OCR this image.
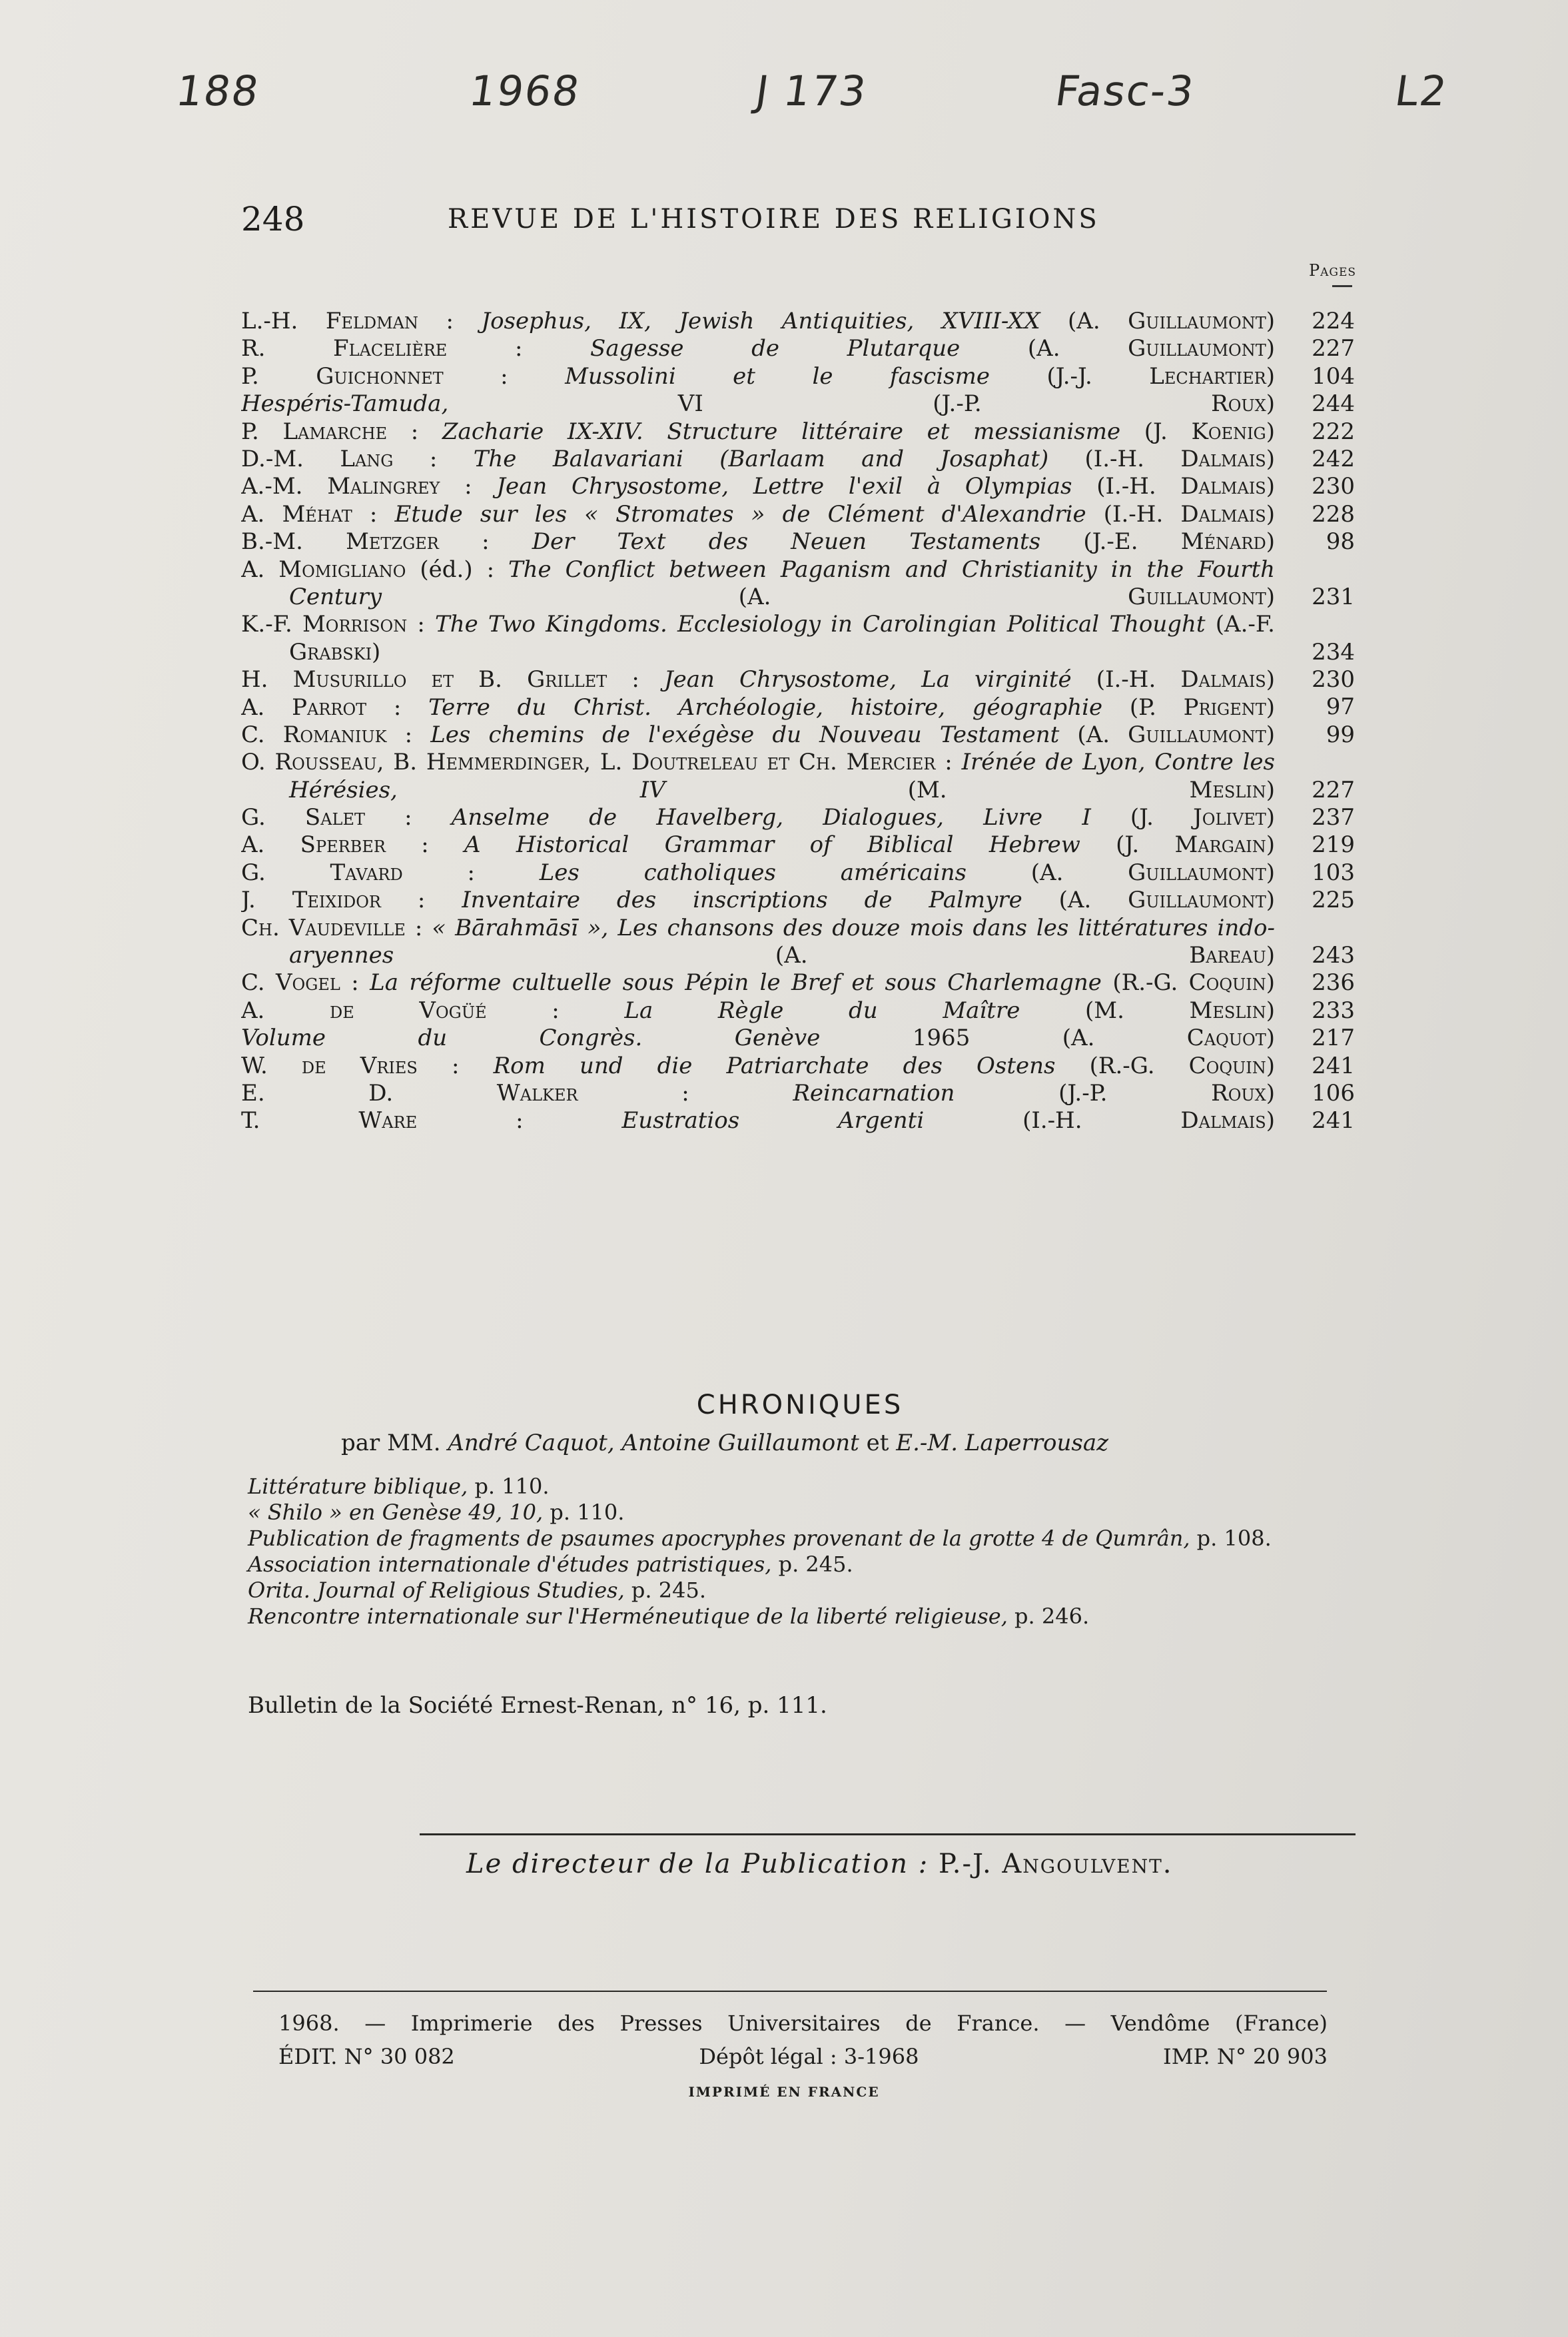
188	1968	J 173	Fasc-3	L2
248	REVUE DE L'HISTOIRE DES RELIGIONS
Pages
L.-H. Feldman : Josephus, IX, Jewish Antiquities, XVIII-XX (A. Guillaumont) .....	224
R. Flacelière : Sagesse de Plutarque (A. Guillaumont) .....	227
P. Guichonnet : Mussolini et le fascisme (J.-J. Lechartier) .....	104
Hespéris-Tamuda, VI (J.-P. Roux) .....	244
P. Lamarche : Zacharie IX-XIV. Structure littéraire et messianisme (J. Koenig) .....	222
D.-M. Lang : The Balavariani (Barlaam and Josaphat) (I.-H. Dalmais) .....	242
A.-M. Malingrey : Jean Chrysostome, Lettre l'exil à Olympias (I.-H. Dalmais) .....	230
A. Méhat : Etude sur les « Stromates » de Clément d'Alexandrie (I.-H. Dalmais) .....	228
B.-M. Metzger : Der Text des Neuen Testaments (J.-E. Ménard) .....	98
A. Momigliano (éd.) : The Conflict between Paganism and Christianity in the Fourth Century (A. Guillaumont) .....	231
K.-F. Morrison : The Two Kingdoms. Ecclesiology in Carolingian Political Thought (A.-F. Grabski) .....	234
H. Musurillo et B. Grillet : Jean Chrysostome, La virginité (I.-H. Dalmais) .....	230
A. Parrot : Terre du Christ. Archéologie, histoire, géographie (P. Prigent) .....	97
C. Romaniuk : Les chemins de l'exégèse du Nouveau Testament (A. Guillaumont) .....	99
O. Rousseau, B. Hemmerdinger, L. Doutreleau et Ch. Mercier : Irénée de Lyon, Contre les Hérésies, IV (M. Meslin) .....	227
G. Salet : Anselme de Havelberg, Dialogues, Livre I (J. Jolivet) .....	237
A. Sperber : A Historical Grammar of Biblical Hebrew (J. Margain) .....	219
G. Tavard : Les catholiques américains (A. Guillaumont) .....	103
J. Teixidor : Inventaire des inscriptions de Palmyre (A. Guillaumont) .....	225
Ch. Vaudeville : « Bārahmāsī », Les chansons des douze mois dans les littératures indo-aryennes (A. Bareau) .....	243
C. Vogel : La réforme cultuelle sous Pépin le Bref et sous Charlemagne (R.-G. Coquin) .....	236
A. de Vogüé : La Règle du Maître (M. Meslin) .....	233
Volume du Congrès. Genève 1965 (A. Caquot) .....	217
W. de Vries : Rom und die Patriarchate des Ostens (R.-G. Coquin) .....	241
E. D. Walker : Reincarnation (J.-P. Roux) .....	106
T. Ware : Eustratios Argenti (I.-H. Dalmais) .....	241
CHRONIQUES
par MM. André Caquot, Antoine Guillaumont et E.-M. Laperrousaz
Littérature biblique, p. 110.
« Shilo » en Genèse 49, 10, p. 110.
Publication de fragments de psaumes apocryphes provenant de la grotte 4 de Qumrân, p. 108.
Association internationale d'études patristiques, p. 245.
Orita. Journal of Religious Studies, p. 245.
Rencontre internationale sur l'Herméneutique de la liberté religieuse, p. 246.
Bulletin de la Société Ernest-Renan, n° 16, p. 111.
Le directeur de la Publication : P.-J. Angoulvent.
1968. — Imprimerie des Presses Universitaires de France. — Vendôme (France)
ÉDIT. N° 30 082	Dépôt légal : 3-1968	IMP. N° 20 903
IMPRIMÉ EN FRANCE
